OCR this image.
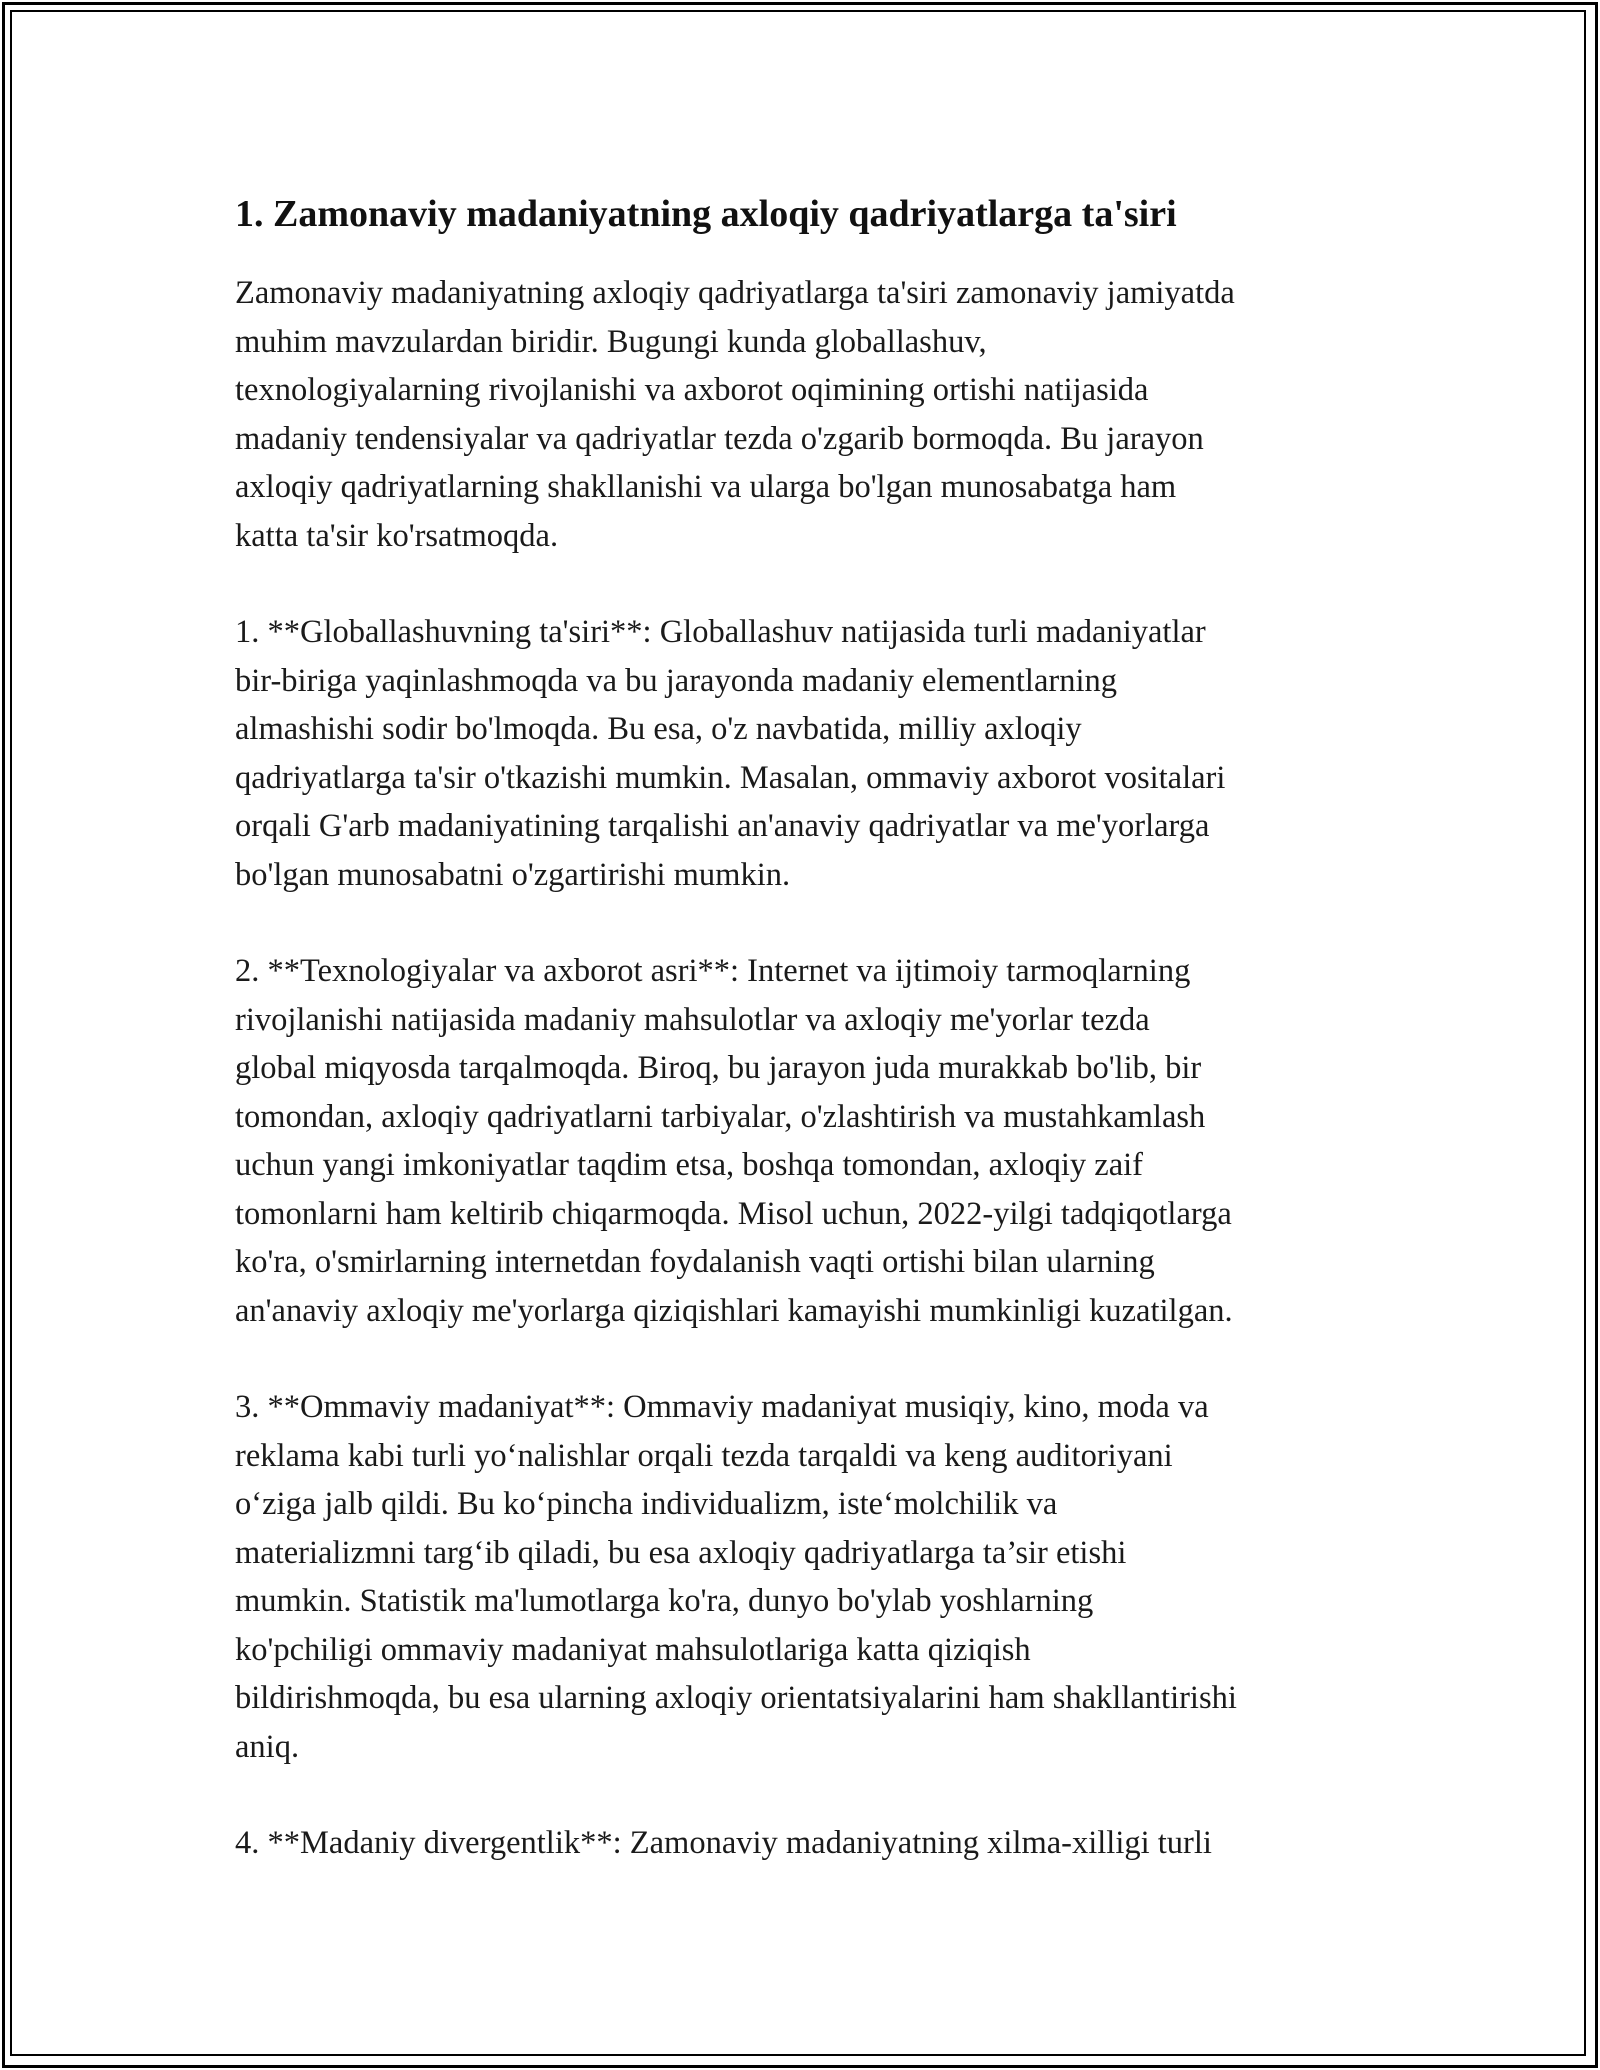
1. Zamonaviy madaniyatning axloqiy qadriyatlarga ta'siri

Zamonaviy madaniyatning axloqiy qadriyatlarga ta'siri zamonaviy jamiyatda
muhim mavzulardan biridir. Bugungi kunda globallashuv,
texnologiyalarning rivojlanishi va axborot oqimining ortishi natijasida
madaniy tendensiyalar va qadriyatlar tezda o'zgarib bormoqda. Bu jarayon
axloqiy qadriyatlarning shakllanishi va ularga bo'lgan munosabatga ham
katta ta'sir ko'rsatmoqda.

1. **Globallashuvning ta'siri**: Globallashuv natijasida turli madaniyatlar
bir-biriga yaqinlashmoqda va bu jarayonda madaniy elementlarning
almashishi sodir bo'lmoqda. Bu esa, o'z navbatida, milliy axloqiy
qadriyatlarga ta'sir o'tkazishi mumkin. Masalan, ommaviy axborot vositalari
orqali G'arb madaniyatining tarqalishi an'anaviy qadriyatlar va me'yorlarga
bo'lgan munosabatni o'zgartirishi mumkin.

2. **Texnologiyalar va axborot asri**: Internet va ijtimoiy tarmoqlarning
rivojlanishi natijasida madaniy mahsulotlar va axloqiy me'yorlar tezda
global miqyosda tarqalmoqda. Biroq, bu jarayon juda murakkab bo'lib, bir
tomondan, axloqiy qadriyatlarni tarbiyalar, o'zlashtirish va mustahkamlash
uchun yangi imkoniyatlar taqdim etsa, boshqa tomondan, axloqiy zaif
tomonlarni ham keltirib chiqarmoqda. Misol uchun, 2022-yilgi tadqiqotlarga
ko'ra, o'smirlarning internetdan foydalanish vaqti ortishi bilan ularning
an'anaviy axloqiy me'yorlarga qiziqishlari kamayishi mumkinligi kuzatilgan.

3. **Ommaviy madaniyat**: Ommaviy madaniyat musiqiy, kino, moda va
reklama kabi turli yo‘nalishlar orqali tezda tarqaldi va keng auditoriyani
o‘ziga jalb qildi. Bu ko‘pincha individualizm, iste‘molchilik va
materializmni targ‘ib qiladi, bu esa axloqiy qadriyatlarga ta’sir etishi
mumkin. Statistik ma'lumotlarga ko'ra, dunyo bo'ylab yoshlarning
ko'pchiligi ommaviy madaniyat mahsulotlariga katta qiziqish
bildirishmoqda, bu esa ularning axloqiy orientatsiyalarini ham shakllantirishi
aniq.

4. **Madaniy divergentlik**: Zamonaviy madaniyatning xilma-xilligi turli
